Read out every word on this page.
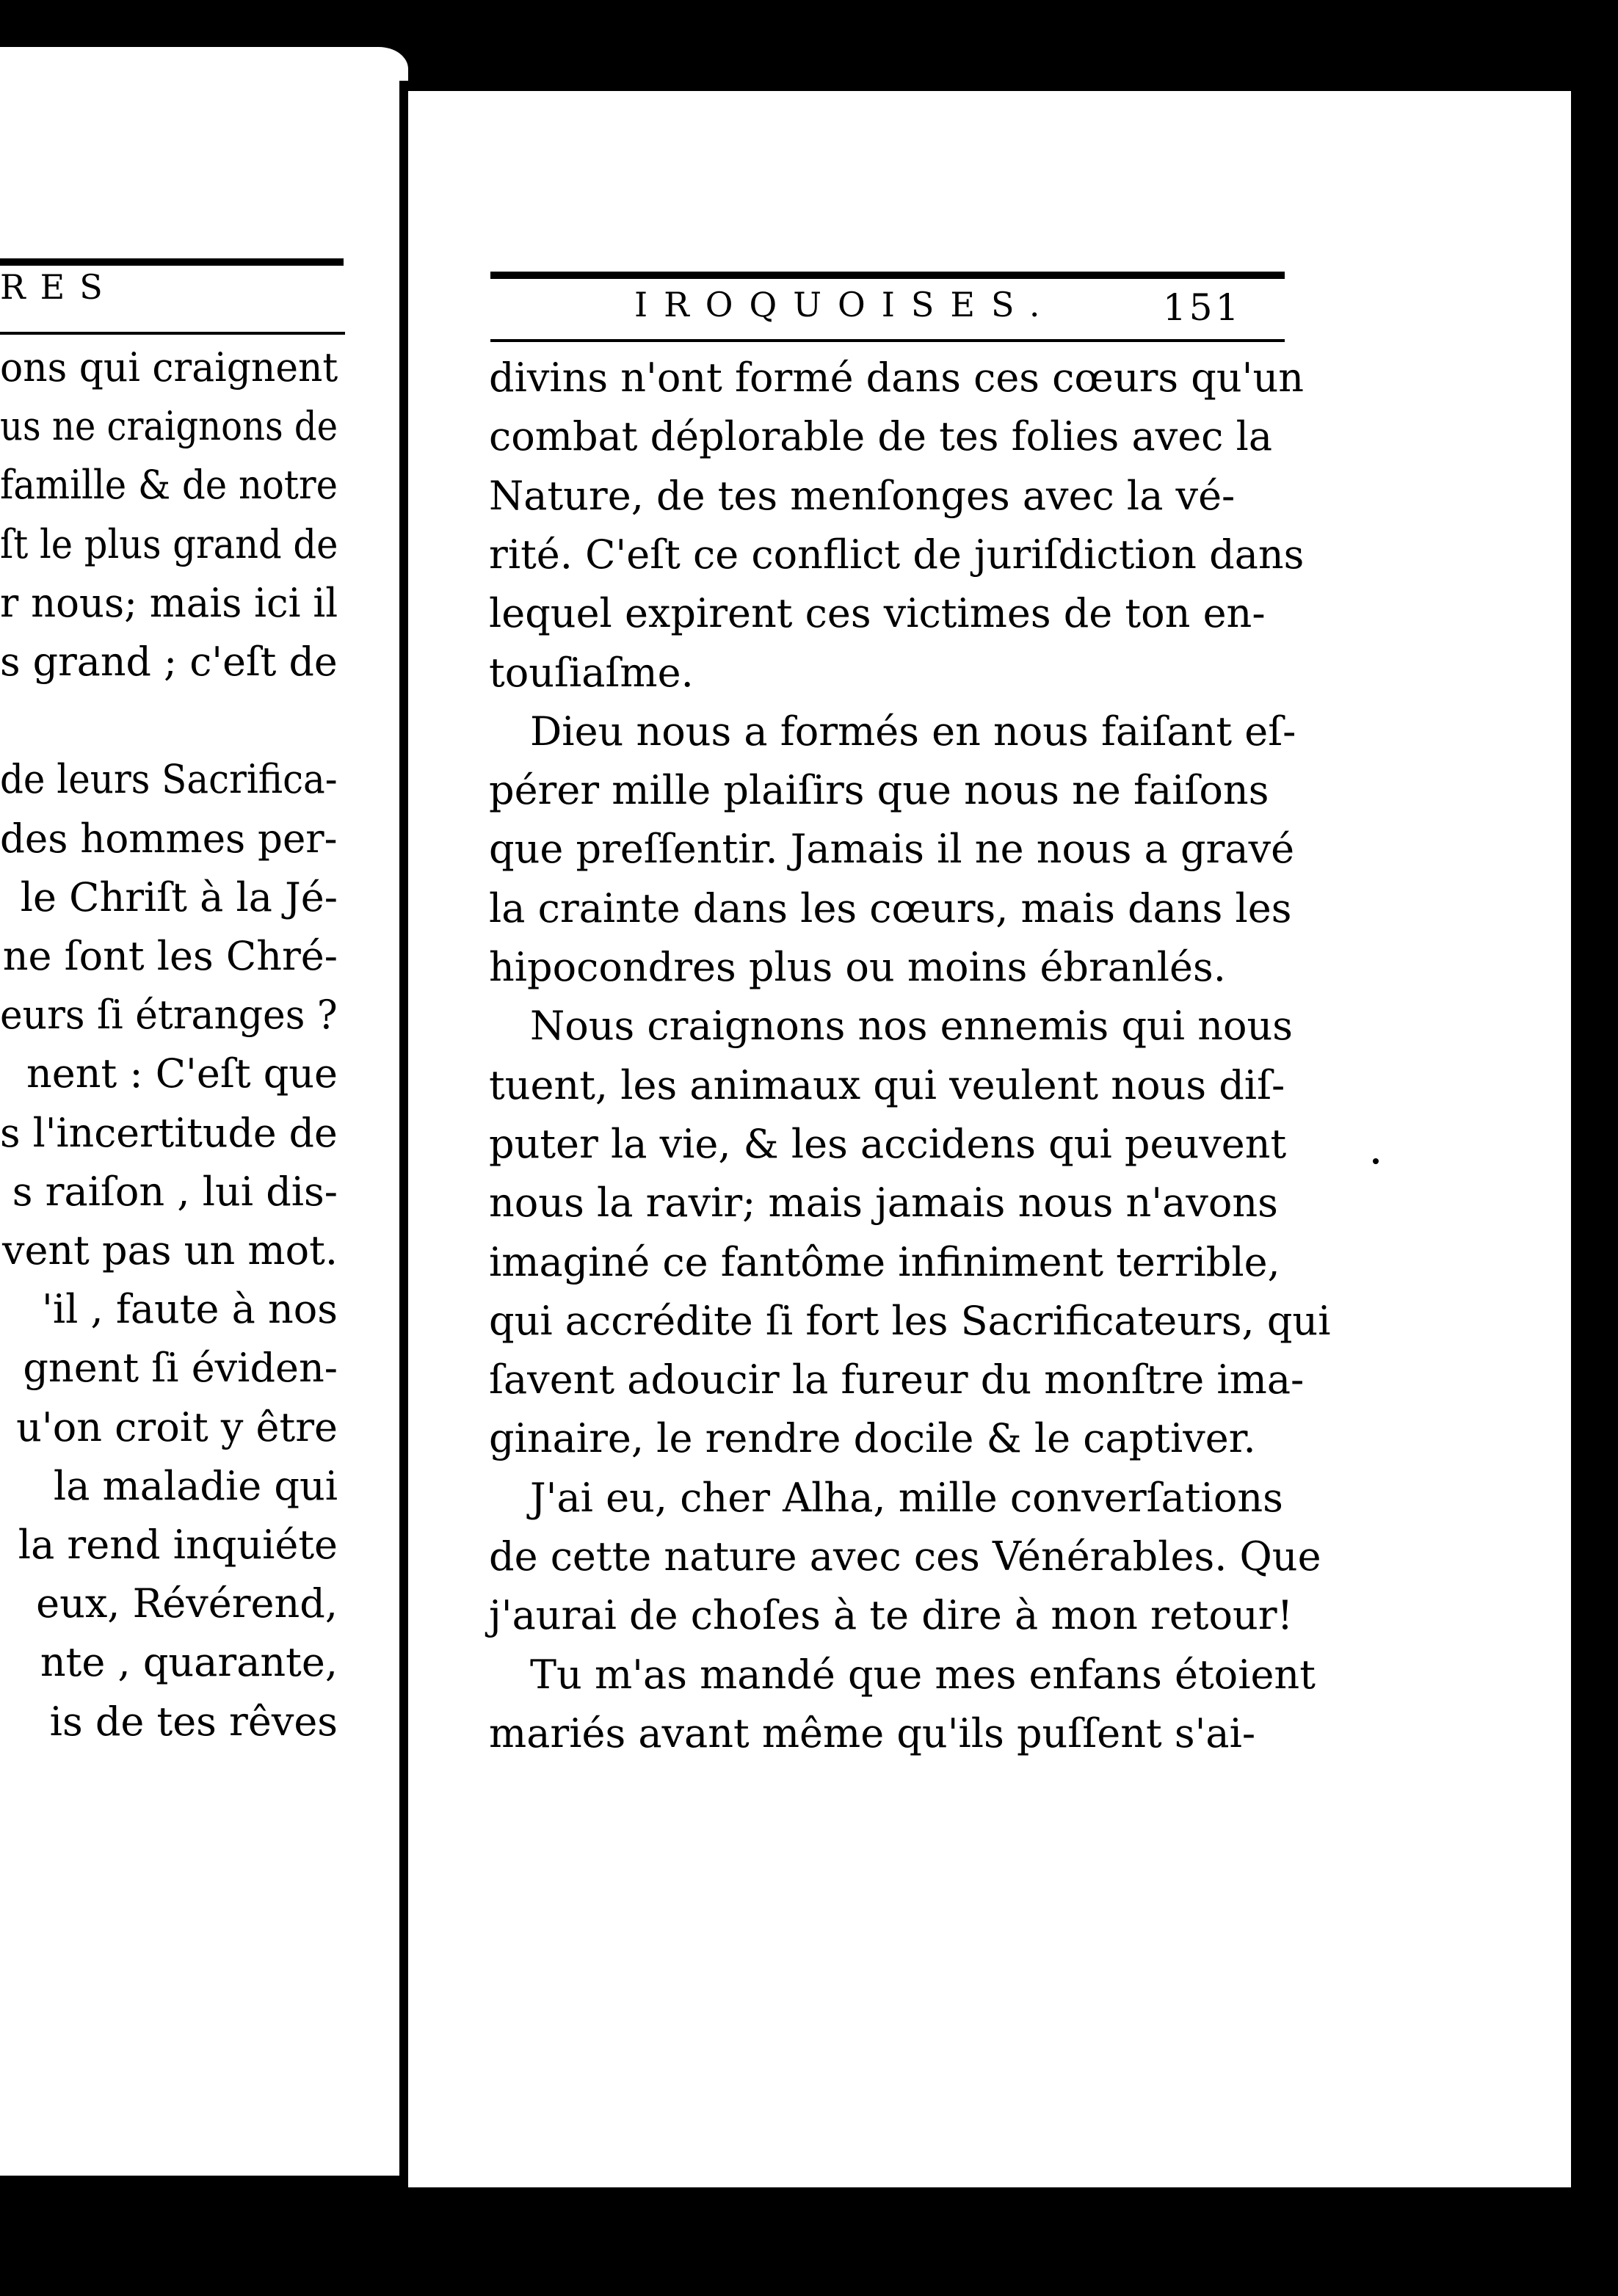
RES
ons qui craignent
us ne craignons de
famille & de notre
ſt le plus grand de
r nous; mais ici il
s grand ; c'eſt de
de leurs Sacrifica-
des hommes per-
le Chriſt à la Jé-
ne ſont les Chré-
eurs ſi étranges ?
nent : C'eſt que
s l'incertitude de
s raiſon , lui dis-
vent pas un mot.
'il , faute à nos
gnent ſi éviden-
u'on croit y être
la maladie qui
la rend inquiéte
eux, Révérend,
nte , quarante,
is de tes rêves
IROQUOISES.	151
divins n'ont formé dans ces cœurs qu'un
combat déplorable de tes folies avec la
Nature, de tes menſonges avec la vé-
rité. C'eſt ce conflict de juriſdiction dans
lequel expirent ces victimes de ton en-
touſiaſme.
Dieu nous a formés en nous faiſant eſ-
pérer mille plaiſirs que nous ne faiſons
que preſſentir. Jamais il ne nous a gravé
la crainte dans les cœurs, mais dans les
hipocondres plus ou moins ébranlés.
Nous craignons nos ennemis qui nous
tuent, les animaux qui veulent nous diſ-
puter la vie, & les accidens qui peuvent
nous la ravir; mais jamais nous n'avons
imaginé ce fantôme infiniment terrible,
qui accrédite ſi fort les Sacrificateurs, qui
ſavent adoucir la fureur du monſtre ima-
ginaire, le rendre docile & le captiver.
J'ai eu, cher Alha, mille converſations
de cette nature avec ces Vénérables. Que
j'aurai de choſes à te dire à mon retour!
Tu m'as mandé que mes enfans étoient
mariés avant même qu'ils puſſent s'ai-
